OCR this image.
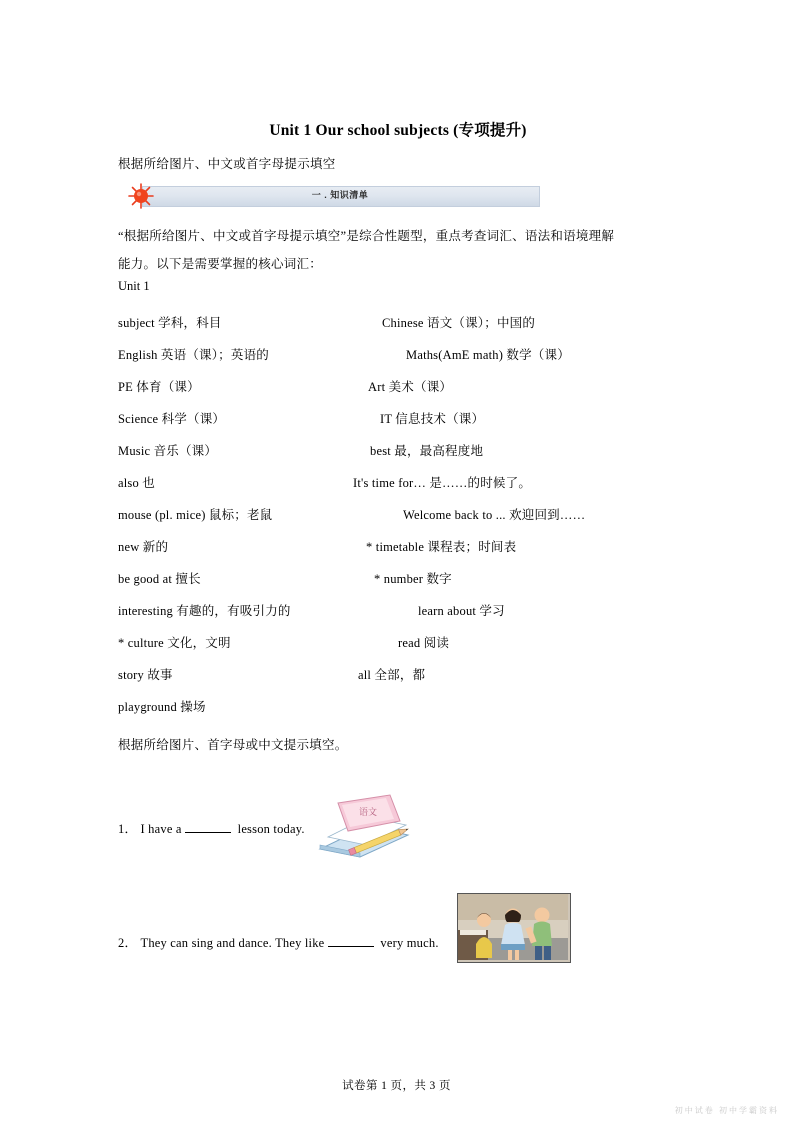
Unit 1 Our school subjects (专项提升)
根据所给图片、中文或首字母提示填空
一 . 知识清单
“根据所给图片、中文或首字母提示填空”是综合性题型，重点考查词汇、语法和语境理解
能力。以下是需要掌握的核心词汇：
Unit 1
subject 学科，科目	Chinese 语文（课）；中国的
English 英语（课）；英语的	Maths(AmE math) 数学（课）
PE 体育（课）	Art 美术（课）
Science 科学（课）	IT 信息技术（课）
Music 音乐（课）	best 最，最高程度地
also 也	It's time for… 是……的时候了。
mouse (pl. mice) 鼠标；老鼠	Welcome back to ... 欢迎回到……
new 新的	* timetable 课程表；时间表
be good at 擅长	* number 数字
interesting 有趣的，有吸引力的	learn about 学习
* culture 文化，文明	read 阅读
story 故事	all 全部，都
playground 操场
根据所给图片、首字母或中文提示填空。
1． I have a	lesson today.
语文
2． They can sing and dance. They like	very much.
试卷第 1 页，共 3 页
初中试卷 初中学霸资料
